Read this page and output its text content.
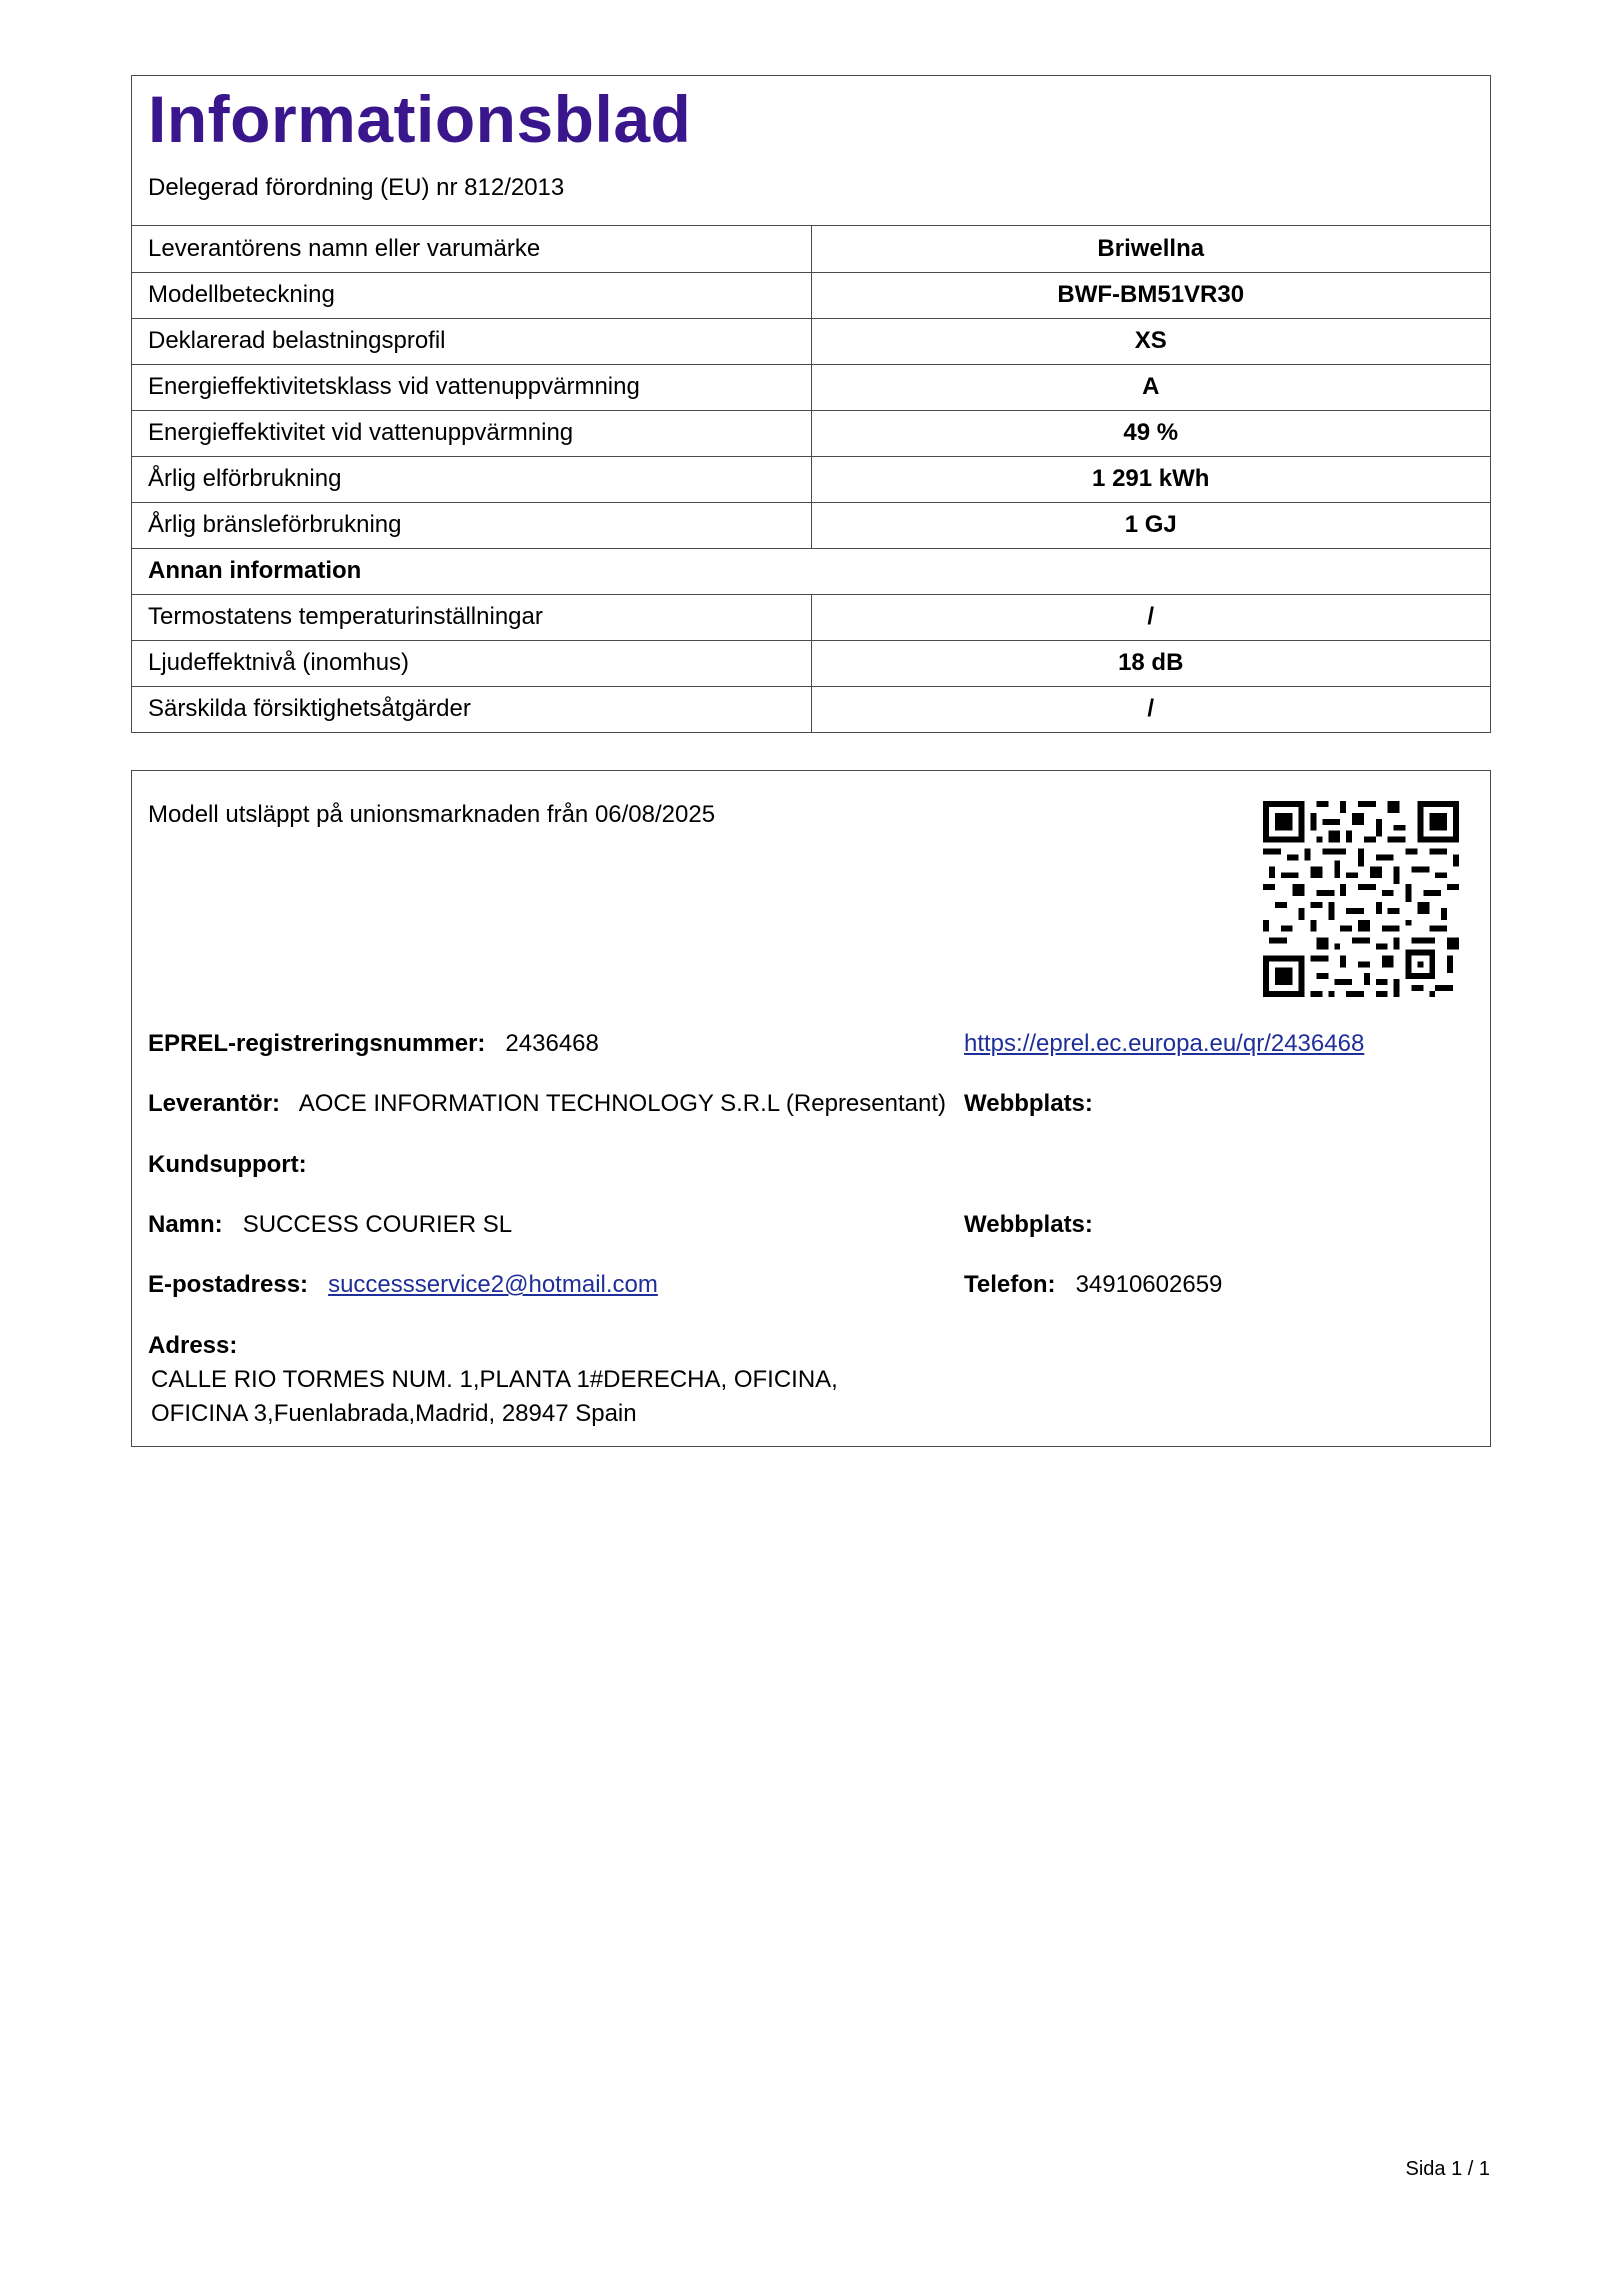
Informationsblad
Delegerad förordning (EU) nr 812/2013
Leverantörens namn eller varumärke	Briwellna
Modellbeteckning	BWF-BM51VR30
Deklarerad belastningsprofil	XS
Energieffektivitetsklass vid vattenuppvärmning	A
Energieffektivitet vid vattenuppvärmning	49 %
Årlig elförbrukning	1 291 kWh
Årlig bränsleförbrukning	1 GJ
Annan information	
Termostatens temperaturinställningar	/
Ljudeffektnivå (inomhus)	18 dB
Särskilda försiktighetsåtgärder	/
Modell utsläppt på unionsmarknaden från 06/08/2025
EPREL-registreringsnummer: 2436468	https://eprel.ec.europa.eu/qr/2436468
Leverantör: AOCE INFORMATION TECHNOLOGY S.R.L (Representant) Webbplats:
Kundsupport:
Namn: SUCCESS COURIER SL	Webbplats:
E-postadress: successservice2@hotmail.com	Telefon: 34910602659
Adress:
CALLE RIO TORMES NUM. 1,PLANTA 1#DERECHA, OFICINA,
OFICINA 3,Fuenlabrada,Madrid, 28947 Spain
Sida 1 / 1
